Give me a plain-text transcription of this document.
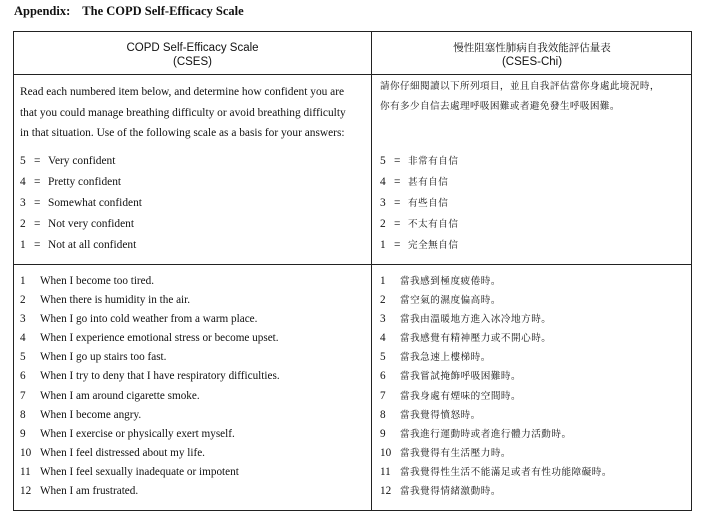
Appendix: The COPD Self-Efficacy Scale
COPD Self-Efficacy Scale
(CSES)
慢性阻塞性肺病自我效能評估量表
(CSES-Chi)
Read each numbered item below, and determine how confident you are
that you could manage breathing difficulty or avoid breathing difficulty
in that situation. Use of the following scale as a basis for your answers:
請你仔細閱讀以下所列項目，並且自我評估當你身處此境況時，
你有多少自信去處理呼吸困難或者避免發生呼吸困難。
5 = Very confident
4 = Pretty confident
3 = Somewhat confident
2 = Not very confident
1 = Not at all confident
5 = 非常有自信
4 = 甚有自信
3 = 有些自信
2 = 不太有自信
1 = 完全無自信
1 When I become too tired.
2 When there is humidity in the air.
3 When I go into cold weather from a warm place.
4 When I experience emotional stress or become upset.
5 When I go up stairs too fast.
6 When I try to deny that I have respiratory difficulties.
7 When I am around cigarette smoke.
8 When I become angry.
9 When I exercise or physically exert myself.
10 When I feel distressed about my life.
11 When I feel sexually inadequate or impotent
12 When I am frustrated.
1 當我感到極度疲倦時。
2 當空氣的濕度偏高時。
3 當我由溫暖地方進入冰冷地方時。
4 當我感覺有精神壓力或不開心時。
5 當我急速上樓梯時。
6 當我嘗試掩飾呼吸困難時。
7 當我身處有煙味的空間時。
8 當我覺得憤怒時。
9 當我進行運動時或者進行體力活動時。
10 當我覺得有生活壓力時。
11 當我覺得性生活不能滿足或者有性功能障礙時。
12 當我覺得情緒激動時。
